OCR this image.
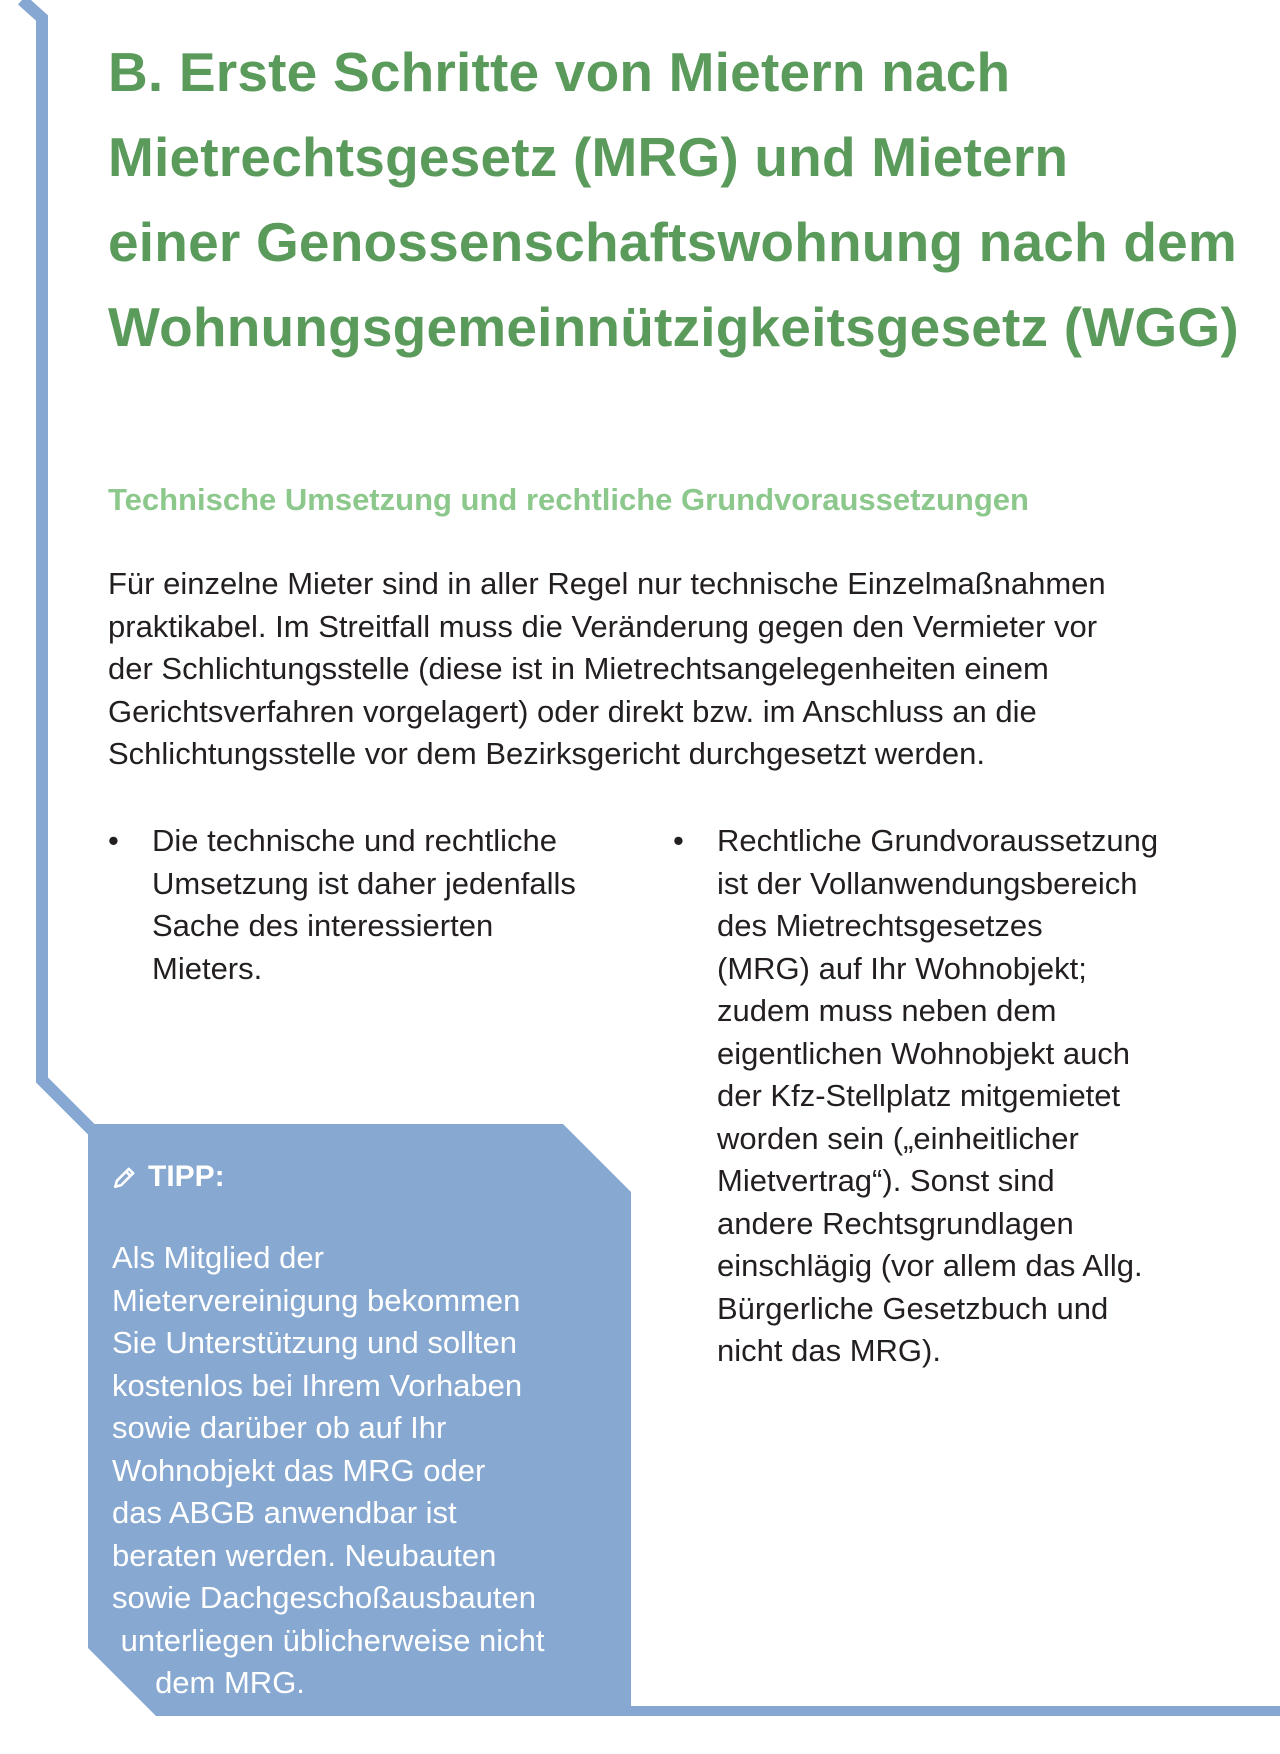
B. Erste Schritte von Mietern nach
Mietrechtsgesetz (MRG) und Mietern
einer Genossenschaftswohnung nach dem
Wohnungsgemeinnützigkeitsgesetz (WGG)
Technische Umsetzung und rechtliche Grundvoraussetzungen

Für einzelne Mieter sind in aller Regel nur technische Einzelmaßnahmen
praktikabel. Im Streitfall muss die Veränderung gegen den Vermieter vor
der Schlichtungsstelle (diese ist in Mietrechtsangelegenheiten einem
Gerichtsverfahren vorgelagert) oder direkt bzw. im Anschluss an die
Schlichtungsstelle vor dem Bezirksgericht durchgesetzt werden.

• Die technische und rechtliche
Umsetzung ist daher jedenfalls
Sache des interessierten
Mieters.
• Rechtliche Grundvoraussetzung
ist der Vollanwendungsbereich
des Mietrechtsgesetzes
(MRG) auf Ihr Wohnobjekt;
zudem muss neben dem
eigentlichen Wohnobjekt auch
der Kfz-Stellplatz mitgemietet
worden sein („einheitlicher
Mietvertrag“). Sonst sind
andere Rechtsgrundlagen
einschlägig (vor allem das Allg.
Bürgerliche Gesetzbuch und
nicht das MRG).
TIPP:
Als Mitglied der
Mietervereinigung bekommen
Sie Unterstützung und sollten
kostenlos bei Ihrem Vorhaben
sowie darüber ob auf Ihr
Wohnobjekt das MRG oder
das ABGB anwendbar ist
beraten werden. Neubauten
sowie Dachgeschoßausbauten
unterliegen üblicherweise nicht
dem MRG.
